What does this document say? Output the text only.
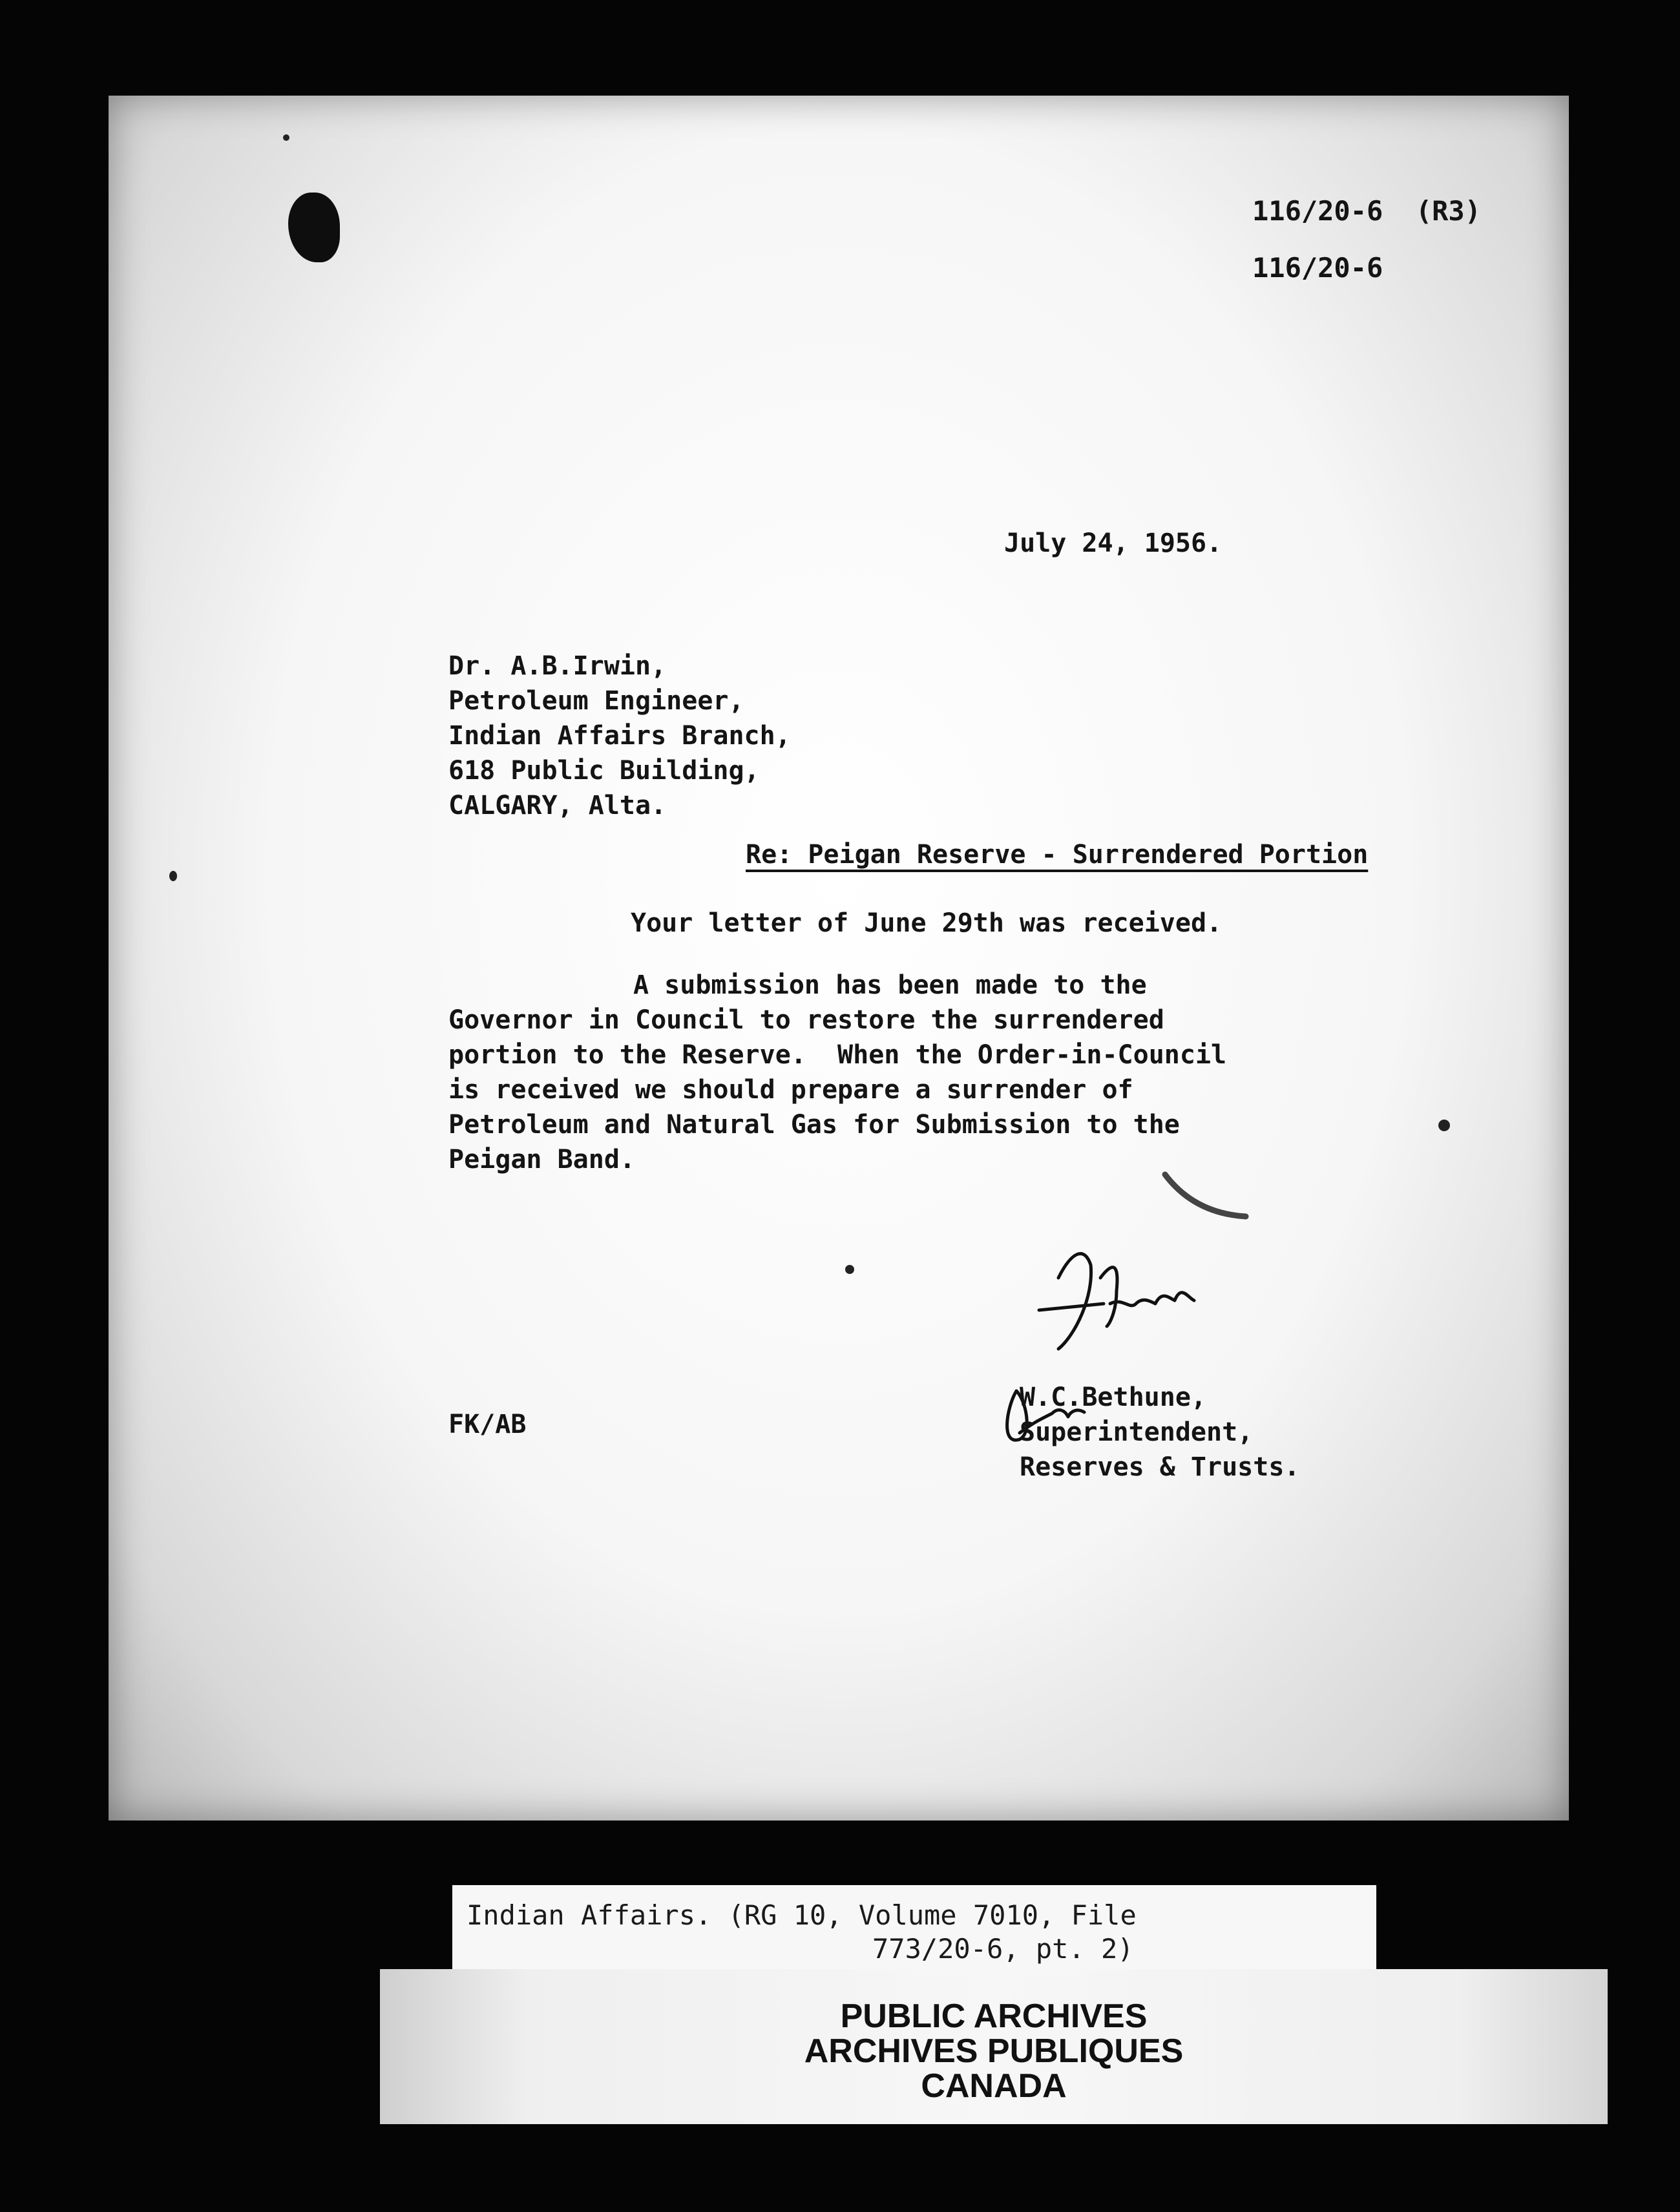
116/20-6  (R3)
116/20-6
July 24, 1956.
Dr. A.B.Irwin,
Petroleum Engineer,
Indian Affairs Branch,
618 Public Building,
CALGARY, Alta.
Re: Peigan Reserve - Surrendered Portion
Your letter of June 29th was received.
A submission has been made to the
Governor in Council to restore the surrendered
portion to the Reserve.  When the Order-in-Council
is received we should prepare a surrender of
Petroleum and Natural Gas for Submission to the
Peigan Band.
W.C.Bethune,
Superintendent,
Reserves & Trusts.
FK/AB
Indian Affairs. (RG 10, Volume 7010, File
773/20-6, pt. 2)
PUBLIC ARCHIVES
ARCHIVES PUBLIQUES
CANADA
